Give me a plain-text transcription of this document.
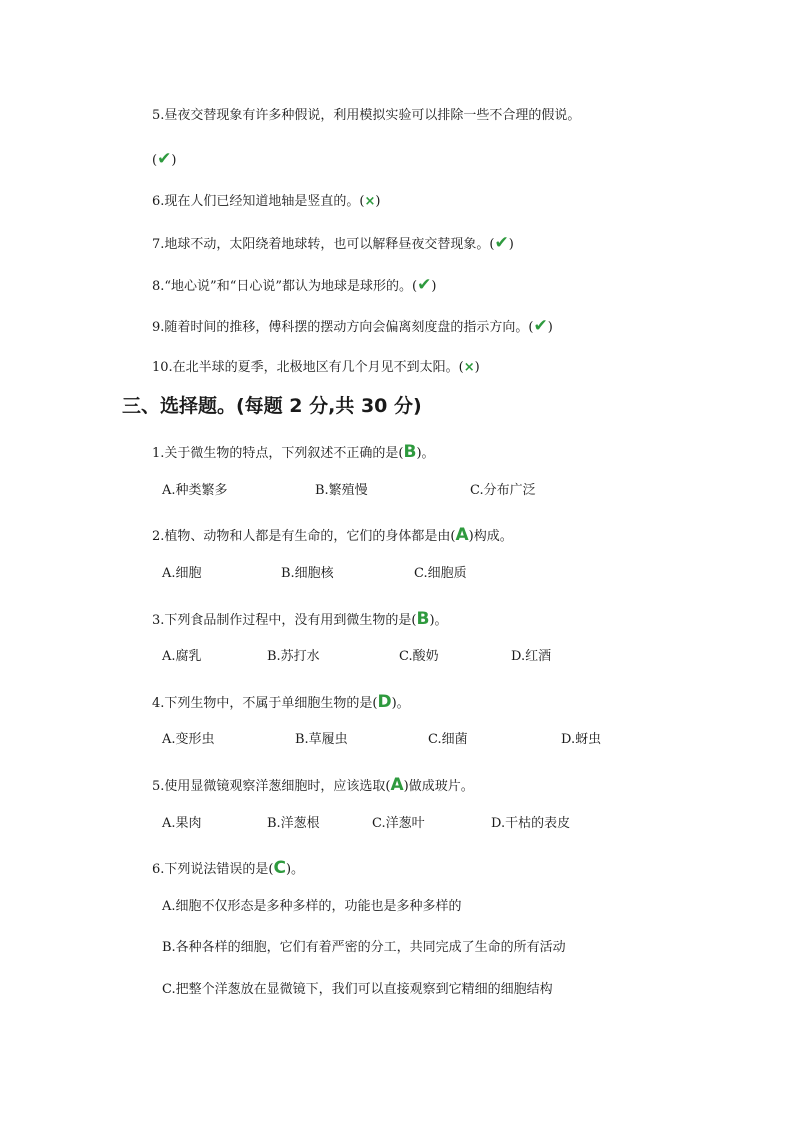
5.昼夜交替现象有许多种假说，利用模拟实验可以排除一些不合理的假说。
(✔)
6.现在人们已经知道地轴是竖直的。(×)
7.地球不动，太阳绕着地球转，也可以解释昼夜交替现象。(✔)
8.“地心说”和“日心说”都认为地球是球形的。(✔)
9.随着时间的推移，傅科摆的摆动方向会偏离刻度盘的指示方向。(✔)
10.在北半球的夏季，北极地区有几个月见不到太阳。(×)
三、选择题。(每题 2 分,共 30 分)
1.关于微生物的特点，下列叙述不正确的是(B)。
A.种类繁多	B.繁殖慢	C.分布广泛
2.植物、动物和人都是有生命的，它们的身体都是由(A)构成。
A.细胞	B.细胞核	C.细胞质
3.下列食品制作过程中，没有用到微生物的是(B)。
A.腐乳	B.苏打水	C.酸奶	D.红酒
4.下列生物中，不属于单细胞生物的是(D)。
A.变形虫	B.草履虫	C.细菌	D.蚜虫
5.使用显微镜观察洋葱细胞时，应该选取(A)做成玻片。
A.果肉	B.洋葱根	C.洋葱叶	D.干枯的表皮
6.下列说法错误的是(C)。
A.细胞不仅形态是多种多样的，功能也是多种多样的
B.各种各样的细胞，它们有着严密的分工，共同完成了生命的所有活动
C.把整个洋葱放在显微镜下，我们可以直接观察到它精细的细胞结构
